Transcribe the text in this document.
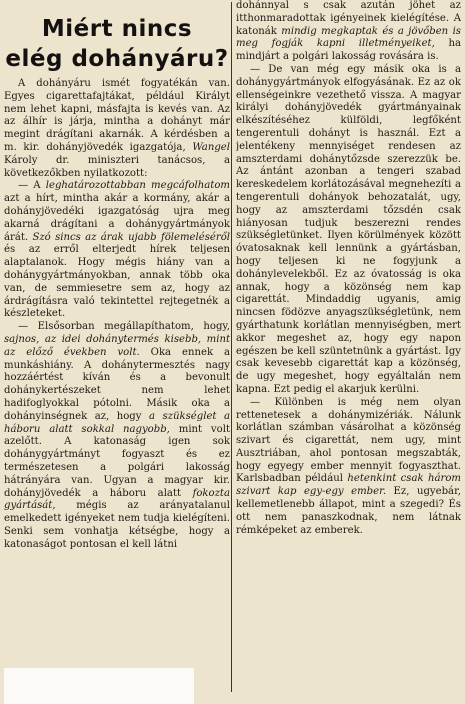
Miért nincs
elég dohányáru?

A dohányáru ismét fogyatékán van. Egyes cigarettafajtákat, például Királyt nem lehet kapni, másfajta is kevés van. Az az álhír is járja, mintha a dohányt már megint drágítani akarnák. A kérdésben a m. kir. dohányjövedék igazgatója, Wangel Károly dr. miniszteri tanácsos, a következőkben nyilatkozott:

— A leghatározottabban megcáfolhatom azt a hírt, mintha akár a kormány, akár a dohányjövedéki igazgatóság ujra meg akarná drágítani a dohánygyártmányok árát. Szó sincs az árak ujabb fölemeléséről és az erről elterjedt hírek teljesen alaptalanok. Hogy mégis hiány van a dohánygyártmányokban, annak több oka van, de semmiesetre sem az, hogy az árdrágításra való tekintettel rejtegetnék a készleteket.

— Elsősorban megállapíthatom, hogy, sajnos, az idei dohánytermés kisebb, mint az előző években volt. Oka ennek a munkáshiány. A dohánytermesztés nagy hozzáértést kíván és a bevonult dohánykertészeket nem lehet hadifoglyokkal pótolni. Másik oka a dohányinségnek az, hogy a szükséglet a háboru alatt sokkal nagyobb, mint volt azelőtt. A katonaság igen sok dohánygyártmányt fogyaszt és ez természetesen a polgári lakosság hátrányára van. Ugyan a magyar kir. dohányjövedék a háboru alatt fokozta gyártását, mégis az arányatalanul emelkedett igényeket nem tudja kielégíteni. Senki sem vonhatja kétségbe, hogy a katonaságot pontosan el kell látni

dohánnyal s csak azután jöhet az itthonmaradottak igényeinek kielégítése. A katonák mindig megkaptak és a jövőben is meg fogják kapni illetményeiket, ha mindjárt a polgári lakosság rovására is.

— De van még egy másik oka is a dohánygyártmányok elfogyásának. Ez az ok ellenségeinkre vezethető vissza. A magyar királyi dohányjövedék gyártmányainak elkészítéséhez külföldi, legfőként tengerentuli dohányt is használ. Ezt a jelentékeny mennyiséget rendesen az amszterdami dohánytőzsde szerezzük be. Az ántánt azonban a tengeri szabad kereskedelem korlátozásával megnehezíti a tengerentuli dohányok behozatalát, ugy, hogy az amszterdami tőzsdén csak hiányosan tudjuk beszerezni rendes szükségletünket. Ilyen körülmények között óvatosaknak kell lennünk a gyártásban, hogy teljesen ki ne fogyjunk a dohánylevelekből. Ez az óvatosság is oka annak, hogy a közönség nem kap cigarettát. Mindaddig ugyanis, amig nincsen födözve anyagszükségletünk, nem gyárthatunk korlátlan mennyiségben, mert akkor megeshet az, hogy egy napon egészen be kell szüntetnünk a gyártást. Igy csak kevesebb cigarettát kap a közönség, de ugy megeshet, hogy egyáltalán nem kapna. Ezt pedig el akarjuk kerülni.

— Különben is még nem olyan rettenetesek a dohánymizériák. Nálunk korlátlan számban vásárolhat a közönség szivart és cigarettát, nem ugy, mint Ausztriában, ahol pontosan megszabták, hogy egyegy ember mennyit fogyaszthat. Karlsbadban például hetenkint csak három szivart kap egy-egy ember. Ez, ugyebár, kellemetlenebb állapot, mint a szegedi? És ott nem panaszkodnak, nem látnak rémképeket az emberek.
